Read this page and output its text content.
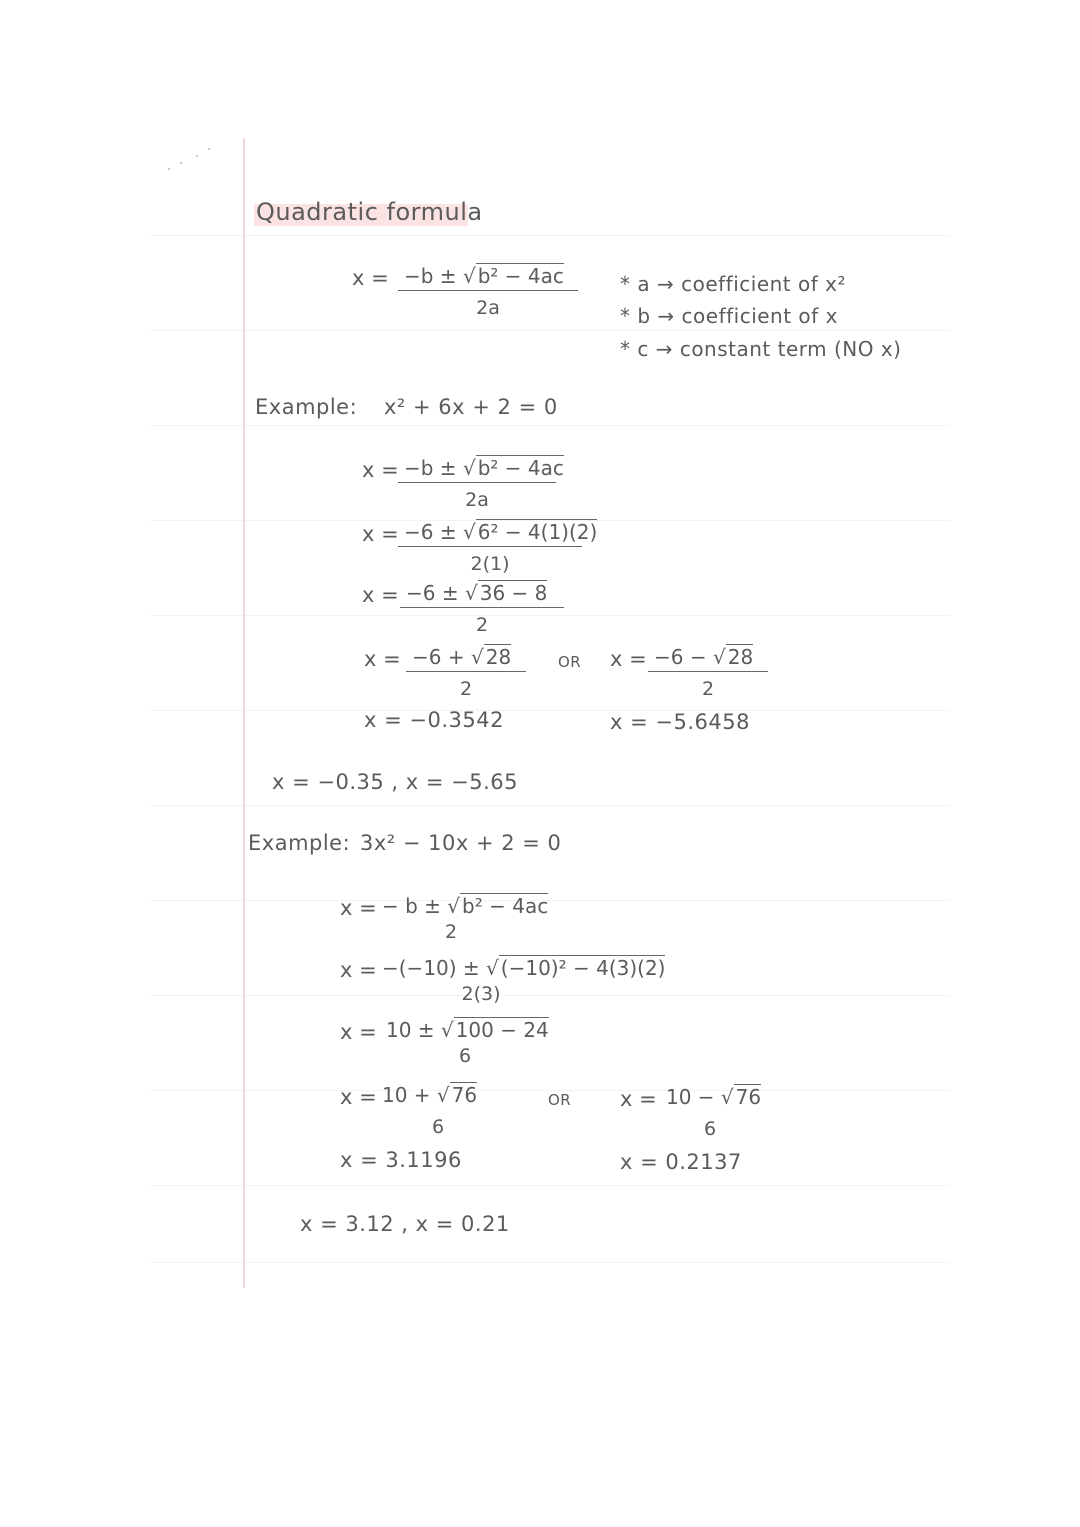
Quadratic formula
$x = \frac{\text{−b ± √ b² − 4ac}}{2a} * a$ → coefficient of x²
* b → coefficient of x
* c → constant term (NO x)
Example: x² + 6x + 2 = 0
$x = \frac{\text{−b ± √ b² − 4ac}}{2a}$
$x = \frac{\text{−6 ± √ 6² − 4(1)(2)}}{2(1)}$
$x = \frac{-6 \pm √ 36 - 8}{2}$
$x = \frac{-6 + √ 28}{2}$ OR $x = \frac{-6 - √ 28}{2}$
x = −0.3542	x = −5.6458
x = −0.35 , x = −5.65
Example: 3x² − 10x + 2 = 0
x = − b ± √ b² − 4ac
2
x = −(−10) ± √ (−10)² − 4(3)(2)
2(3)
x = 10 ± √ 100 − 24
6
x = 10 + √ 76
6
OR x = 10 − √ 76
6
x = 3.1196	x = 0.2137
x = 3.12 , x = 0.21
